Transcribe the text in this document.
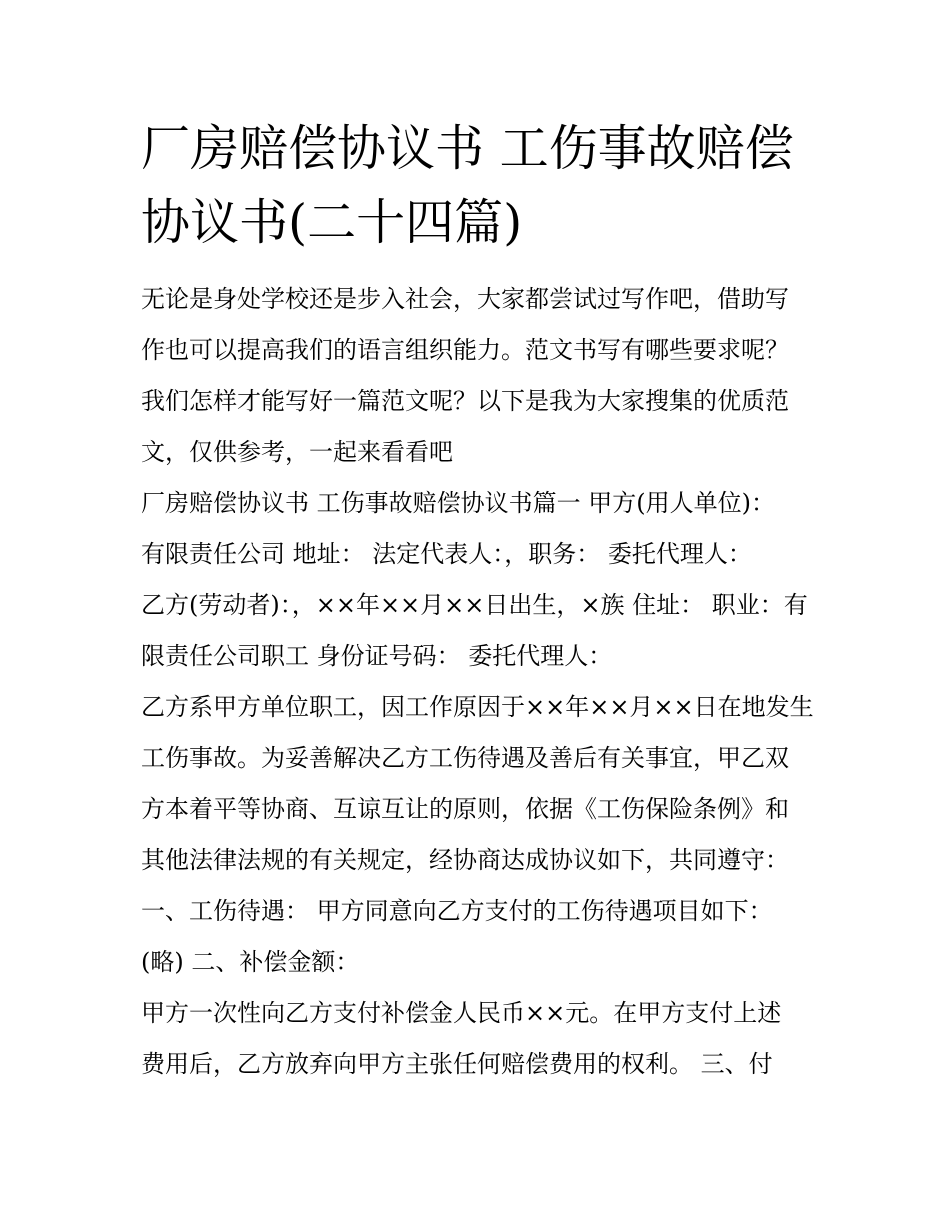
厂房赔偿协议书 工伤事故赔偿
协议书(二十四篇)
无论是身处学校还是步入社会，大家都尝试过写作吧，借助写
作也可以提高我们的语言组织能力。范文书写有哪些要求呢？
我们怎样才能写好一篇范文呢？以下是我为大家搜集的优质范
文，仅供参考，一起来看看吧
厂房赔偿协议书 工伤事故赔偿协议书篇一 甲方(用人单位)：
有限责任公司 地址： 法定代表人：，职务： 委托代理人：
乙方(劳动者)：，××年××月××日出生，×族 住址： 职业：有
限责任公司职工 身份证号码： 委托代理人：
乙方系甲方单位职工，因工作原因于××年××月××日在地发生
工伤事故。为妥善解决乙方工伤待遇及善后有关事宜，甲乙双
方本着平等协商、互谅互让的原则，依据《工伤保险条例》和
其他法律法规的有关规定，经协商达成协议如下，共同遵守：
一、工伤待遇： 甲方同意向乙方支付的工伤待遇项目如下：
(略) 二、补偿金额：
甲方一次性向乙方支付补偿金人民币××元。在甲方支付上述
费用后，乙方放弃向甲方主张任何赔偿费用的权利。 三、付
